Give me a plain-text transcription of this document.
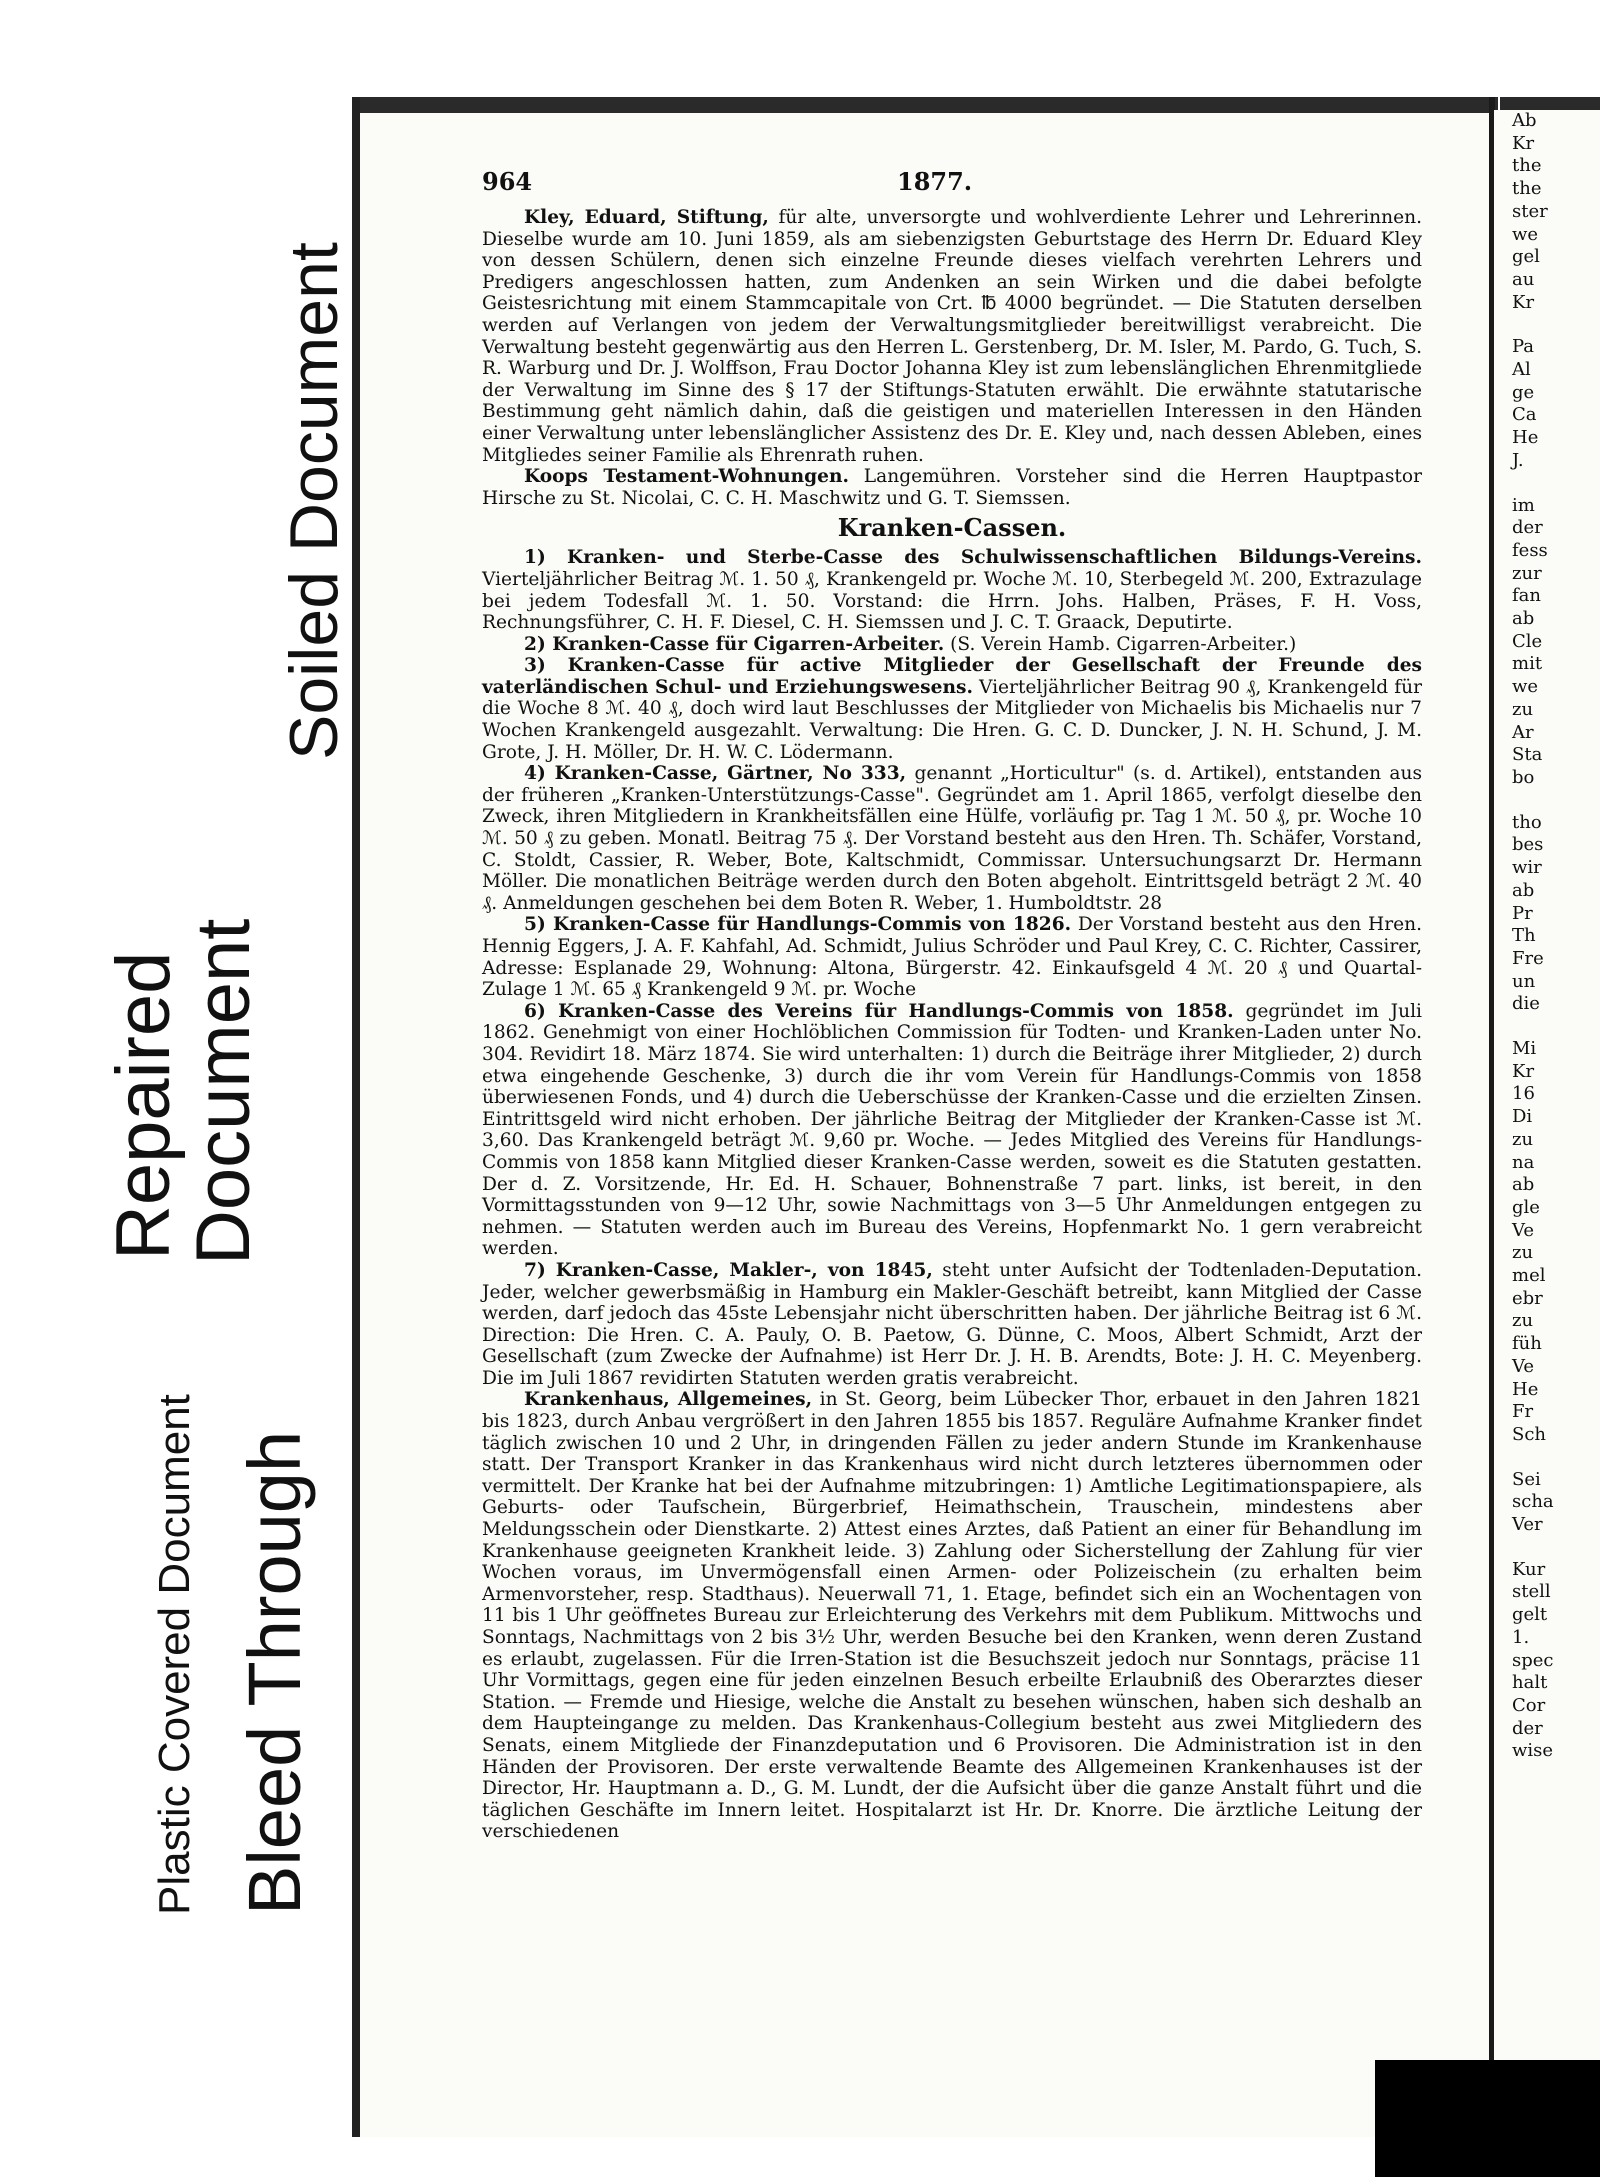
Plastic Covered Document Bleed Through
Repaired
Document
Soiled Document
964	1877.

Kley, Eduard, Stiftung, für alte, unversorgte und wohlverdiente Lehrer und Lehrerinnen. Dieselbe wurde am 10. Juni 1859, als am siebenzigsten Geburtstage des Herrn Dr. Eduard Kley von dessen Schülern, denen sich einzelne Freunde dieses vielfach verehrten Lehrers und Predigers angeschlossen hatten, zum Andenken an sein Wirken und die dabei befolgte Geistesrichtung mit einem Stammcapitale von Crt. ℔ 4000 begründet. — Die Statuten derselben werden auf Verlangen von jedem der Verwaltungsmitglieder bereitwilligst verabreicht. Die Verwaltung besteht gegenwärtig aus den Herren L. Gerstenberg, Dr. M. Isler, M. Pardo, G. Tuch, S. R. Warburg und Dr. J. Wolffson, Frau Doctor Johanna Kley ist zum lebenslänglichen Ehrenmitgliede der Verwaltung im Sinne des § 17 der Stiftungs-Statuten erwählt. Die erwähnte statutarische Bestimmung geht nämlich dahin, daß die geistigen und materiellen Interessen in den Händen einer Verwaltung unter lebenslänglicher Assistenz des Dr. E. Kley und, nach dessen Ableben, eines Mitgliedes seiner Familie als Ehrenrath ruhen.

Koops Testament-Wohnungen. Langemühren. Vorsteher sind die Herren Hauptpastor Hirsche zu St. Nicolai, C. C. H. Maschwitz und G. T. Siemssen.

Kranken-Cassen.

1) Kranken- und Sterbe-Casse des Schulwissenschaftlichen Bildungs-Vereins. Vierteljährlicher Beitrag ℳ. 1. 50 ₰, Krankengeld pr. Woche ℳ. 10, Sterbegeld ℳ. 200, Extrazulage bei jedem Todesfall ℳ. 1. 50. Vorstand: die Hrrn. Johs. Halben, Präses, F. H. Voss, Rechnungsführer, C. H. F. Diesel, C. H. Siemssen und J. C. T. Graack, Deputirte.

2) Kranken-Casse für Cigarren-Arbeiter. (S. Verein Hamb. Cigarren-Arbeiter.)

3) Kranken-Casse für active Mitglieder der Gesellschaft der Freunde des vaterländischen Schul- und Erziehungswesens. Vierteljährlicher Beitrag 90 ₰, Krankengeld für die Woche 8 ℳ. 40 ₰, doch wird laut Beschlusses der Mitglieder von Michaelis bis Michaelis nur 7 Wochen Krankengeld ausgezahlt. Verwaltung: Die Hren. G. C. D. Duncker, J. N. H. Schund, J. M. Grote, J. H. Möller, Dr. H. W. C. Lödermann.

4) Kranken-Casse, Gärtner, No 333, genannt „Horticultur" (s. d. Artikel), entstanden aus der früheren „Kranken-Unterstützungs-Casse". Gegründet am 1. April 1865, verfolgt dieselbe den Zweck, ihren Mitgliedern in Krankheitsfällen eine Hülfe, vorläufig pr. Tag 1 ℳ. 50 ₰, pr. Woche 10 ℳ. 50 ₰ zu geben. Monatl. Beitrag 75 ₰. Der Vorstand besteht aus den Hren. Th. Schäfer, Vorstand, C. Stoldt, Cassier, R. Weber, Bote, Kaltschmidt, Commissar. Untersuchungsarzt Dr. Hermann Möller. Die monatlichen Beiträge werden durch den Boten abgeholt. Eintrittsgeld beträgt 2 ℳ. 40 ₰. Anmeldungen geschehen bei dem Boten R. Weber, 1. Humboldtstr. 28

5) Kranken-Casse für Handlungs-Commis von 1826. Der Vorstand besteht aus den Hren. Hennig Eggers, J. A. F. Kahfahl, Ad. Schmidt, Julius Schröder und Paul Krey, C. C. Richter, Cassirer, Adresse: Esplanade 29, Wohnung: Altona, Bürgerstr. 42. Einkaufsgeld 4 ℳ. 20 ₰ und Quartal-Zulage 1 ℳ. 65 ₰ Krankengeld 9 ℳ. pr. Woche

6) Kranken-Casse des Vereins für Handlungs-Commis von 1858. gegründet im Juli 1862. Genehmigt von einer Hochlöblichen Commission für Todten- und Kranken-Laden unter No. 304. Revidirt 18. März 1874. Sie wird unterhalten: 1) durch die Beiträge ihrer Mitglieder, 2) durch etwa eingehende Geschenke, 3) durch die ihr vom Verein für Handlungs-Commis von 1858 überwiesenen Fonds, und 4) durch die Ueberschüsse der Kranken-Casse und die erzielten Zinsen. Eintrittsgeld wird nicht erhoben. Der jährliche Beitrag der Mitglieder der Kranken-Casse ist ℳ. 3,60. Das Krankengeld beträgt ℳ. 9,60 pr. Woche. — Jedes Mitglied des Vereins für Handlungs-Commis von 1858 kann Mitglied dieser Kranken-Casse werden, soweit es die Statuten gestatten. Der d. Z. Vorsitzende, Hr. Ed. H. Schauer, Bohnenstraße 7 part. links, ist bereit, in den Vormittagsstunden von 9—12 Uhr, sowie Nachmittags von 3—5 Uhr Anmeldungen entgegen zu nehmen. — Statuten werden auch im Bureau des Vereins, Hopfenmarkt No. 1 gern verabreicht werden.

7) Kranken-Casse, Makler-, von 1845, steht unter Aufsicht der Todtenladen-Deputation. Jeder, welcher gewerbsmäßig in Hamburg ein Makler-Geschäft betreibt, kann Mitglied der Casse werden, darf jedoch das 45ste Lebensjahr nicht überschritten haben. Der jährliche Beitrag ist 6 ℳ. Direction: Die Hren. C. A. Pauly, O. B. Paetow, G. Dünne, C. Moos, Albert Schmidt, Arzt der Gesellschaft (zum Zwecke der Aufnahme) ist Herr Dr. J. H. B. Arendts, Bote: J. H. C. Meyenberg. Die im Juli 1867 revidirten Statuten werden gratis verabreicht.

Krankenhaus, Allgemeines, in St. Georg, beim Lübecker Thor, erbauet in den Jahren 1821 bis 1823, durch Anbau vergrößert in den Jahren 1855 bis 1857. Reguläre Aufnahme Kranker findet täglich zwischen 10 und 2 Uhr, in dringenden Fällen zu jeder andern Stunde im Krankenhause statt. Der Transport Kranker in das Krankenhaus wird nicht durch letzteres übernommen oder vermittelt. Der Kranke hat bei der Aufnahme mitzubringen: 1) Amtliche Legitimationspapiere, als Geburts- oder Taufschein, Bürgerbrief, Heimathschein, Trauschein, mindestens aber Meldungsschein oder Dienstkarte. 2) Attest eines Arztes, daß Patient an einer für Behandlung im Krankenhause geeigneten Krankheit leide. 3) Zahlung oder Sicherstellung der Zahlung für vier Wochen voraus, im Unvermögensfall einen Armen- oder Polizeischein (zu erhalten beim Armenvorsteher, resp. Stadthaus). Neuerwall 71, 1. Etage, befindet sich ein an Wochentagen von 11 bis 1 Uhr geöffnetes Bureau zur Erleichterung des Verkehrs mit dem Publikum. Mittwochs und Sonntags, Nachmittags von 2 bis 3½ Uhr, werden Besuche bei den Kranken, wenn deren Zustand es erlaubt, zugelassen. Für die Irren-Station ist die Besuchszeit jedoch nur Sonntags, präcise 11 Uhr Vormittags, gegen eine für jeden einzelnen Besuch erbeilte Erlaubniß des Oberarztes dieser Station. — Fremde und Hiesige, welche die Anstalt zu besehen wünschen, haben sich deshalb an dem Haupteingange zu melden. Das Krankenhaus-Collegium besteht aus zwei Mitgliedern des Senats, einem Mitgliede der Finanzdeputation und 6 Provisoren. Die Administration ist in den Händen der Provisoren. Der erste verwaltende Beamte des Allgemeinen Krankenhauses ist der Director, Hr. Hauptmann a. D., G. M. Lundt, der die Aufsicht über die ganze Anstalt führt und die täglichen Geschäfte im Innern leitet. Hospitalarzt ist Hr. Dr. Knorre. Die ärztliche Leitung der verschiedenen

Ab
Kr
the
the
ster
we
gel
au
Kr
Pa
Al
ge
Ca
He
J.
im
der
fess
zur
fan
ab
Cle
mit
we
zu
Ar
Sta
bo
tho
bes
wir
ab
Pr
Th
Fre
un
die
Mi
Kr
16
Di
zu
na
ab
gle
Ve
zu
mel
ebr
zu
füh
Ve
He
Fr
Sch
Sei
scha
Ver
Kur
stell
gelt
1.
spec
halt
Cor
der
wise
